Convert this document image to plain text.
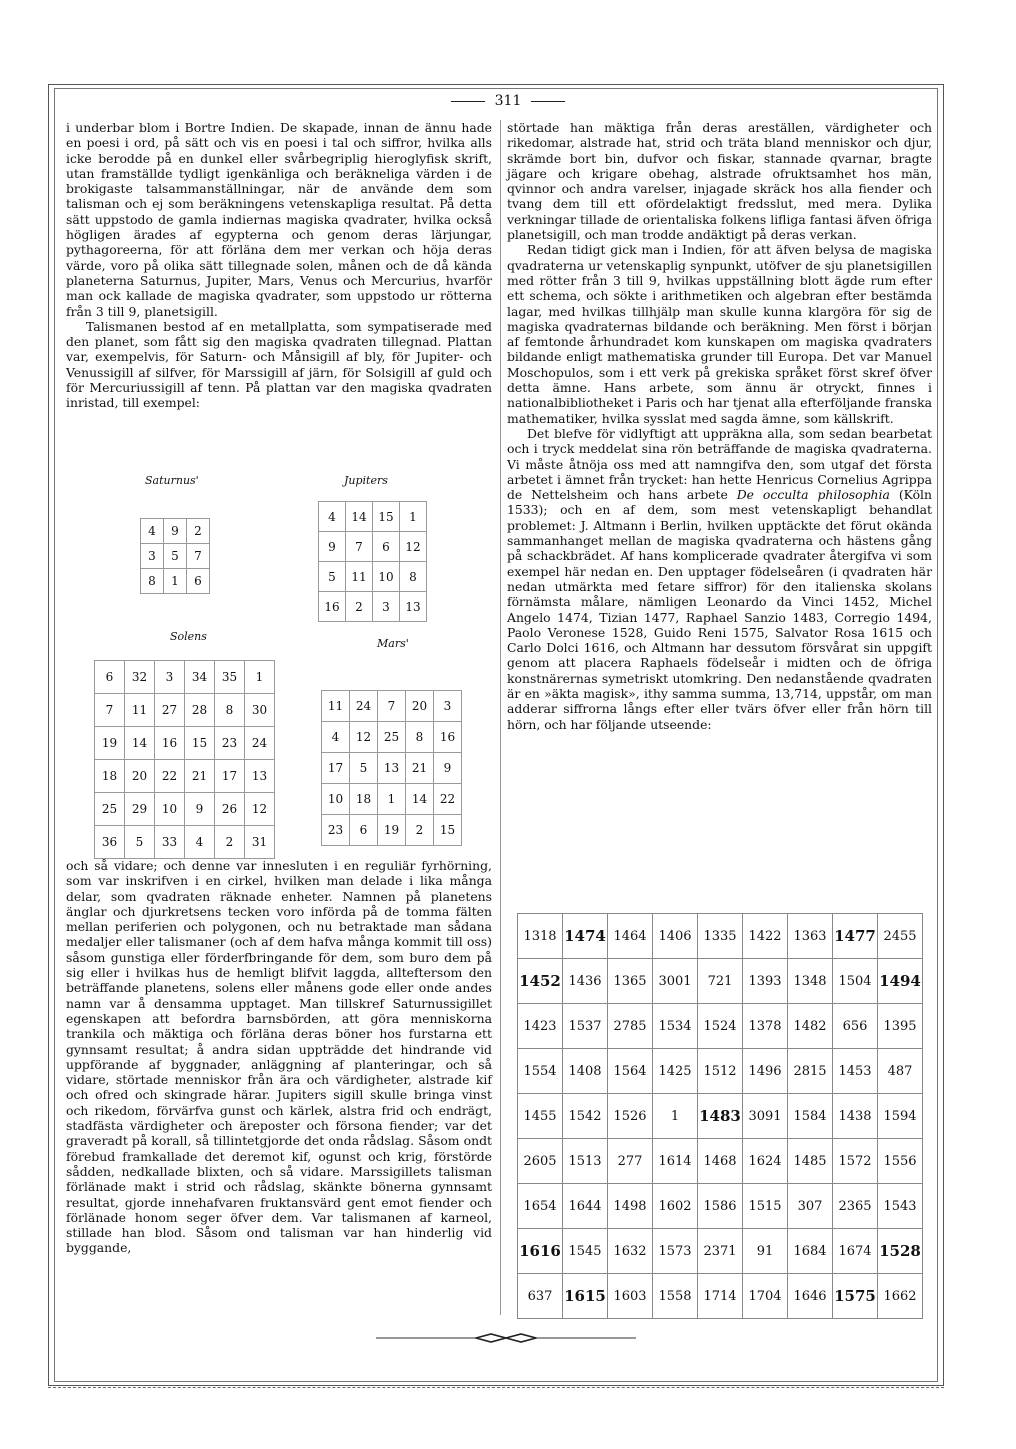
311

i underbar blom i Bortre Indien. De skapade, innan de ännu hade en poesi i ord, på sätt och vis en poesi i tal och siffror, hvilka alls icke berodde på en dunkel eller svårbegriplig hieroglyfisk skrift, utan framställde tydligt igenkänliga och beräkneliga värden i de brokigaste talsammanställningar, när de använde dem som talisman och ej som beräkningens vetenskapliga resultat. På detta sätt uppstodo de gamla indiernas magiska qvadrater, hvilka också högligen ärades af egypterna och genom deras lärjungar, pythagoreerna, för att förläna dem mer verkan och höja deras värde, voro på olika sätt tillegnade solen, månen och de då kända planeterna Saturnus, Jupiter, Mars, Venus och Mercurius, hvarför man ock kallade de magiska qvadrater, som uppstodo ur rötterna från 3 till 9, planetsigill.

Talismanen bestod af en metallplatta, som sympatiserade med den planet, som fått sig den magiska qvadraten tillegnad. Plattan var, exempelvis, för Saturn- och Månsigill af bly, för Jupiter- och Venussigill af silfver, för Marssigill af järn, för Solsigill af guld och för Mercuriussigill af tenn. På plattan var den magiska qvadraten inristad, till exempel:

Saturnus'
4	9	2
3	5	7
8	1	6
Jupiters
4	14	15	1
9	7	6	12
5	11	10	8
16	2	3	13
Solens
6	32	3	34	35	1
7	11	27	28	8	30
19	14	16	15	23	24
18	20	22	21	17	13
25	29	10	9	26	12
36	5	33	4	2	31
Mars'
11	24	7	20	3
4	12	25	8	16
17	5	13	21	9
10	18	1	14	22
23	6	19	2	15

och så vidare; och denne var innesluten i en reguliär fyrhörning, som var inskrifven i en cirkel, hvilken man delade i lika många delar, som qvadraten räknade enheter. Namnen på planetens änglar och djurkretsens tecken voro införda på de tomma fälten mellan periferien och polygonen, och nu betraktade man sådana medaljer eller talismaner (och af dem hafva många kommit till oss) såsom gunstiga eller förderfbringande för dem, som buro dem på sig eller i hvilkas hus de hemligt blifvit laggda, allteftersom den beträffande planetens, solens eller månens gode eller onde andes namn var å densamma upptaget. Man tillskref Saturnussigillet egenskapen att befordra barnsbörden, att göra menniskorna trankila och mäktiga och förläna deras böner hos furstarna ett gynnsamt resultat; å andra sidan uppträdde det hindrande vid uppförande af byggnader, anläggning af planteringar, och så vidare, störtade menniskor från ära och värdigheter, alstrade kif och ofred och skingrade härar. Jupiters sigill skulle bringa vinst och rikedom, förvärfva gunst och kärlek, alstra frid och endrägt, stadfästa värdigheter och äreposter och försona fiender; var det graveradt på korall, så tillintetgjorde det onda rådslag. Såsom ondt förebud framkallade det deremot kif, ogunst och krig, förstörde sådden, nedkallade blixten, och så vidare. Marssigillets talisman förlänade makt i strid och rådslag, skänkte bönerna gynnsamt resultat, gjorde innehafvaren fruktansvärd gent emot fiender och förlänade honom seger öfver dem. Var talismanen af karneol, stillade han blod. Såsom ond talisman var han hinderlig vid byggande,

störtade han mäktiga från deras areställen, värdigheter och rikedomar, alstrade hat, strid och träta bland menniskor och djur, skrämde bort bin, dufvor och fiskar, stannade qvarnar, bragte jägare och krigare obehag, alstrade ofruktsamhet hos män, qvinnor och andra varelser, injagade skräck hos alla fiender och tvang dem till ett ofördelaktigt fredsslut, med mera. Dylika verkningar tillade de orientaliska folkens lifliga fantasi äfven öfriga planetsigill, och man trodde andäktigt på deras verkan.

Redan tidigt gick man i Indien, för att äfven belysa de magiska qvadraterna ur vetenskaplig synpunkt, utöfver de sju planetsigillen med rötter från 3 till 9, hvilkas uppställning blott ägde rum efter ett schema, och sökte i arithmetiken och algebran efter bestämda lagar, med hvilkas tillhjälp man skulle kunna klargöra för sig de magiska qvadraternas bildande och beräkning. Men först i början af femtonde århundradet kom kunskapen om magiska qvadraters bildande enligt mathematiska grunder till Europa. Det var Manuel Moschopulos, som i ett verk på grekiska språket först skref öfver detta ämne. Hans arbete, som ännu är otryckt, finnes i nationalbibliotheket i Paris och har tjenat alla efterföljande franska mathematiker, hvilka sysslat med sagda ämne, som källskrift.

Det blefve för vidlyftigt att uppräkna alla, som sedan bearbetat och i tryck meddelat sina rön beträffande de magiska qvadraterna. Vi måste åtnöja oss med att namngifva den, som utgaf det första arbetet i ämnet från trycket: han hette Henricus Cornelius Agrippa de Nettelsheim och hans arbete De occulta philosophia (Köln 1533); och en af dem, som mest vetenskapligt behandlat problemet: J. Altmann i Berlin, hvilken upptäckte det förut okända sammanhanget mellan de magiska qvadraterna och hästens gång på schackbrädet. Af hans komplicerade qvadrater återgifva vi som exempel här nedan en. Den upptager födelseåren (i qvadraten här nedan utmärkta med fetare siffror) för den italienska skolans förnämsta målare, nämligen Leonardo da Vinci 1452, Michel Angelo 1474, Tizian 1477, Raphael Sanzio 1483, Corregio 1494, Paolo Veronese 1528, Guido Reni 1575, Salvator Rosa 1615 och Carlo Dolci 1616, och Altmann har dessutom försvårat sin uppgift genom att placera Raphaels födelseår i midten och de öfriga konstnärernas symetriskt utomkring. Den nedanstående qvadraten är en »äkta magisk», ithy samma summa, 13,714, uppstår, om man adderar siffrorna långs efter eller tvärs öfver eller från hörn till hörn, och har följande utseende:

1318	1474	1464	1406	1335	1422	1363	1477	2455
1452	1436	1365	3001	721	1393	1348	1504	1494
1423	1537	2785	1534	1524	1378	1482	656	1395
1554	1408	1564	1425	1512	1496	2815	1453	487
1455	1542	1526	1	1483	3091	1584	1438	1594
2605	1513	277	1614	1468	1624	1485	1572	1556
1654	1644	1498	1602	1586	1515	307	2365	1543
1616	1545	1632	1573	2371	91	1684	1674	1528
637	1615	1603	1558	1714	1704	1646	1575	1662
